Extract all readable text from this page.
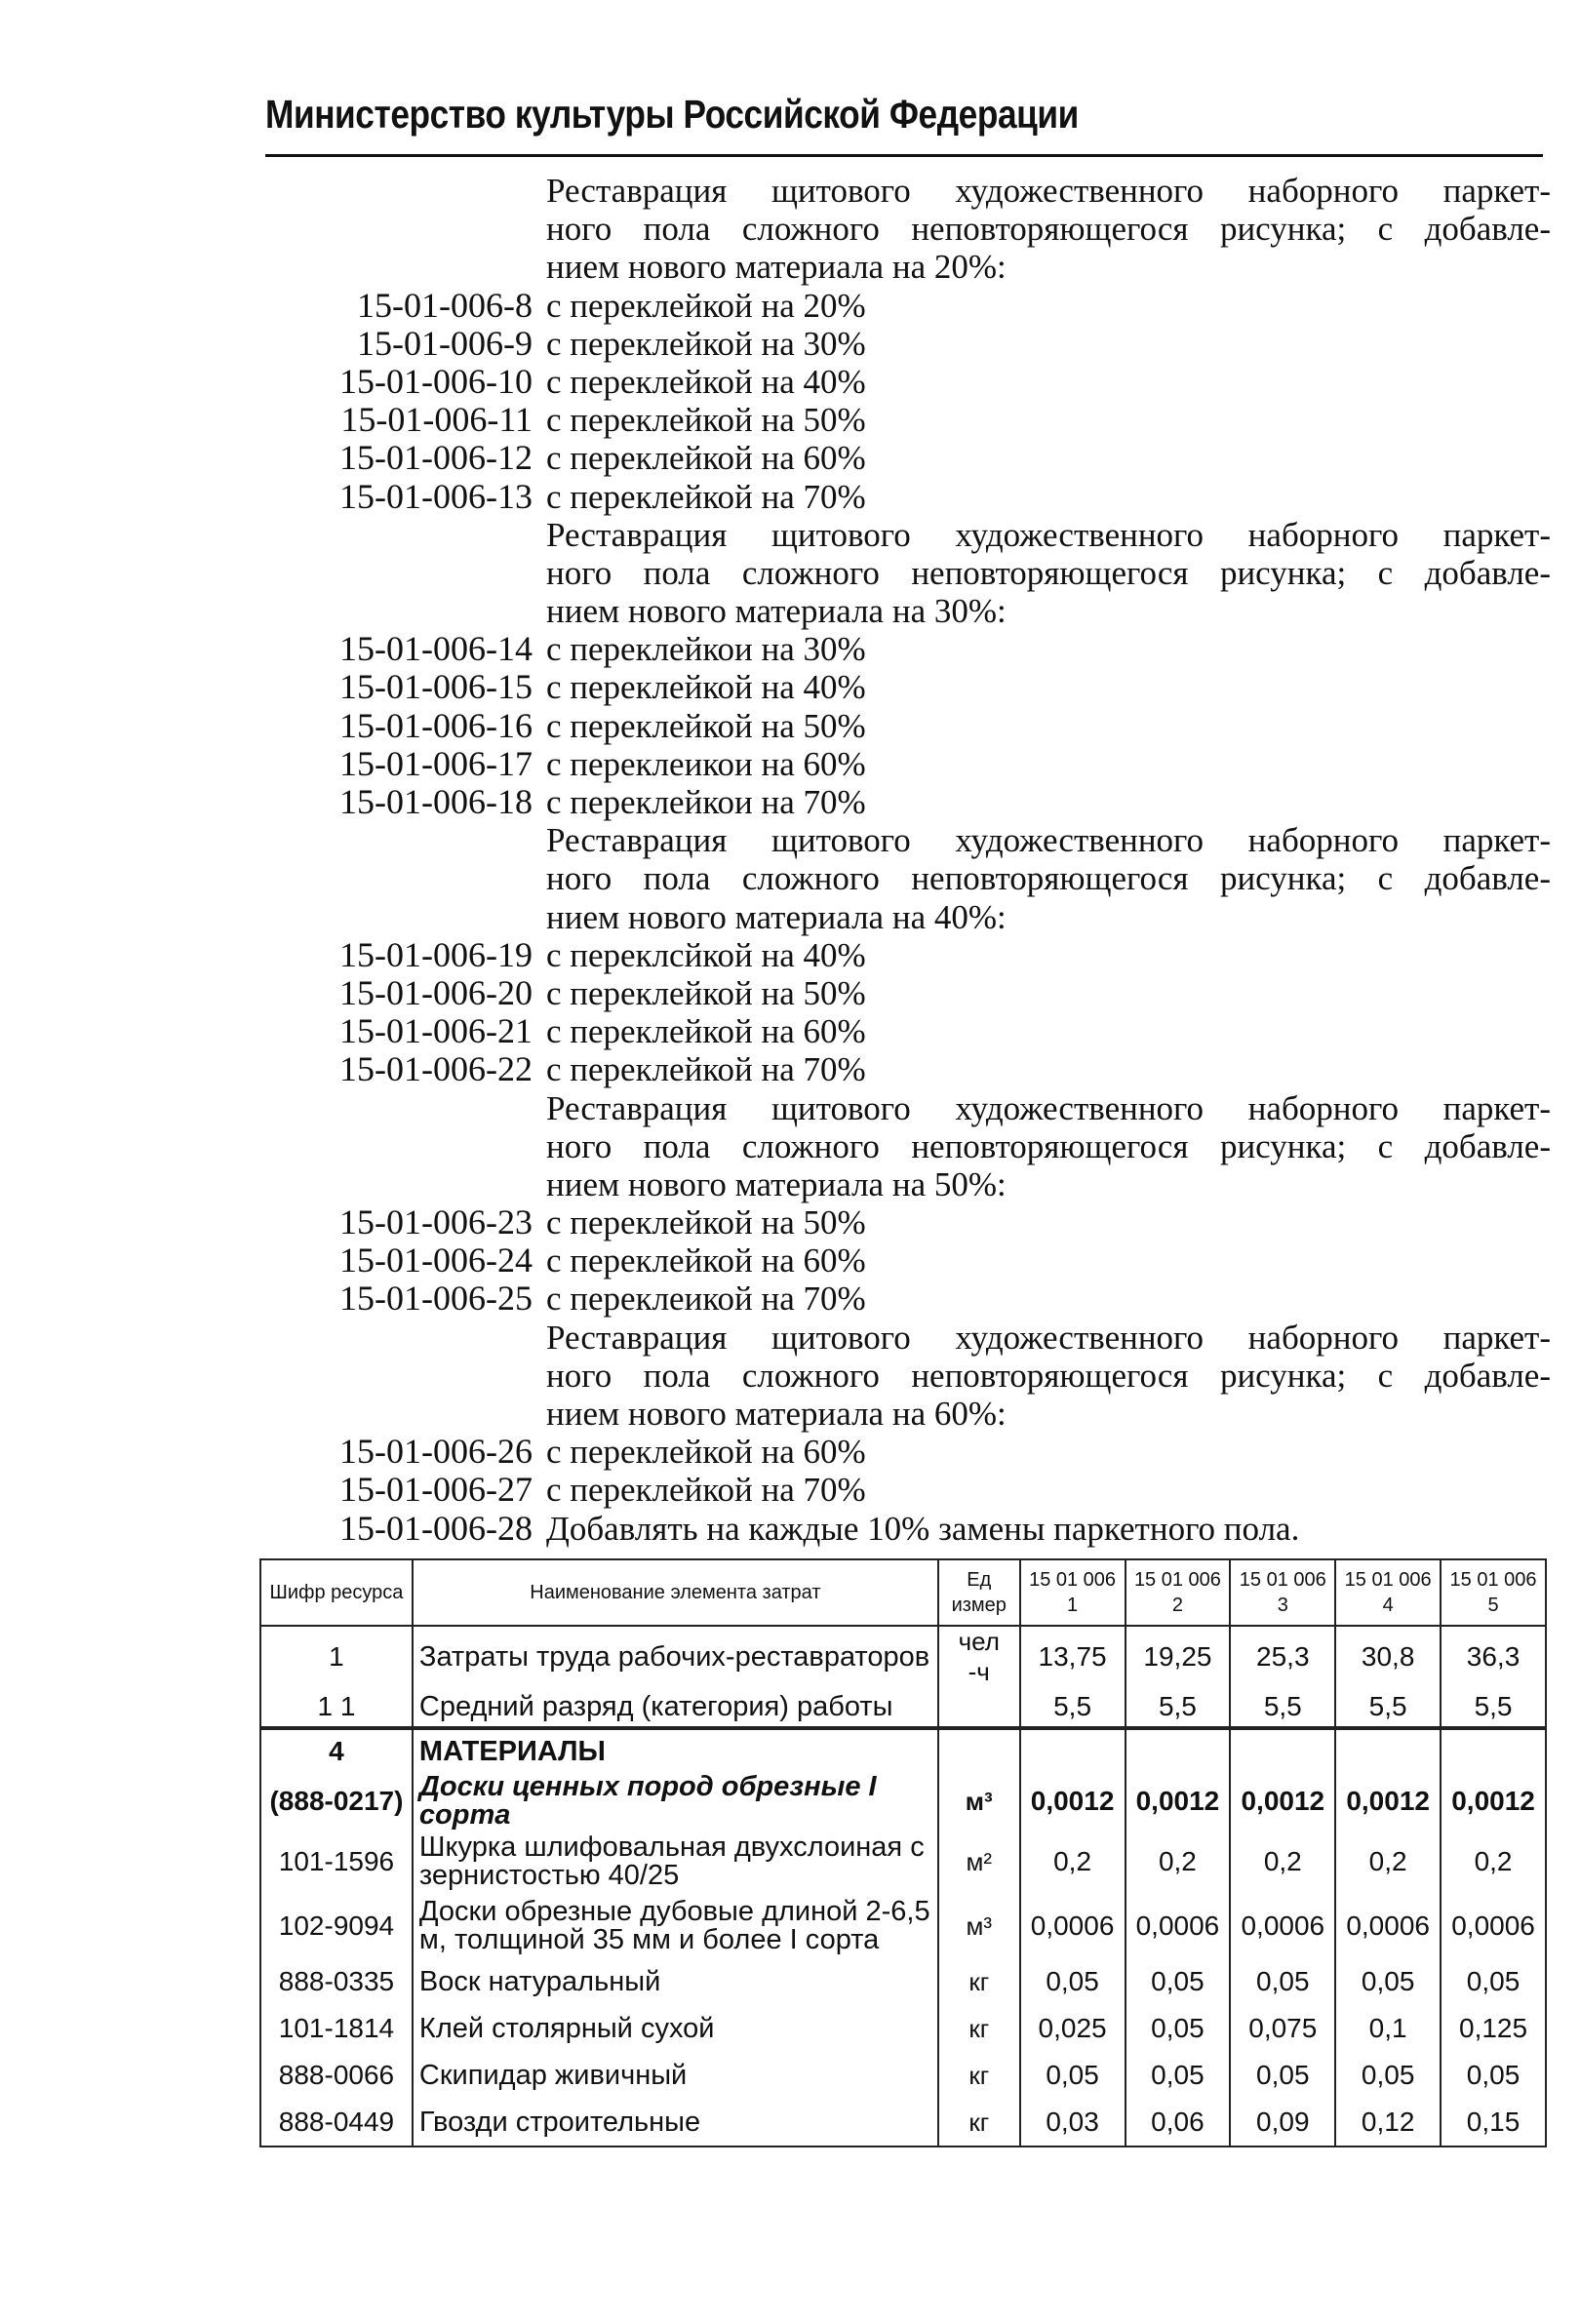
Министерство культуры Российской Федерации
Реставрация щитового художественного наборного паркет-
ного пола сложного неповторяющегося рисунка; с добавле-
нием нового материала на 20%:
15-01-006-8 с переклейкой на 20%
15-01-006-9 с переклейкой на 30%
15-01-006-10 с переклейкой на 40%
15-01-006-11 с переклейкой на 50%
15-01-006-12 с переклейкой на 60%
15-01-006-13 с переклейкой на 70%
Реставрация щитового художественного наборного паркет-
ного пола сложного неповторяющегося рисунка; с добавле-
нием нового материала на 30%:
15-01-006-14 с переклейкои на 30%
15-01-006-15 с переклейкой на 40%
15-01-006-16 с переклейкой на 50%
15-01-006-17 с переклеикои на 60%
15-01-006-18 с переклейкои на 70%
Реставрация щитового художественного наборного паркет-
ного пола сложного неповторяющегося рисунка; с добавле-
нием нового материала на 40%:
15-01-006-19 с переклсйкой на 40%
15-01-006-20 с переклейкой на 50%
15-01-006-21 с переклейкой на 60%
15-01-006-22 с переклейкой на 70%
Реставрация щитового художественного наборного паркет-
ного пола сложного неповторяющегося рисунка; с добавле-
нием нового материала на 50%:
15-01-006-23 с переклейкой на 50%
15-01-006-24 с переклейкой на 60%
15-01-006-25 с переклеикой на 70%
Реставрация щитового художественного наборного паркет-
ного пола сложного неповторяющегося рисунка; с добавле-
нием нового материала на 60%:
15-01-006-26 с переклейкой на 60%
15-01-006-27 с переклейкой на 70%
15-01-006-28 Добавлять на каждые 10% замены паркетного пола.
Шифр ресурса	Наименование элемента затрат	Ед измер	15 01 006 1	15 01 006 2	15 01 006 3	15 01 006 4	15 01 006 5
1	Затраты труда рабочих-реставраторов	чел -ч	13,75	19,25	25,3	30,8	36,3
1 1	Средний разряд (категория) работы		5,5	5,5	5,5	5,5	5,5
4	МАТЕРИАЛЫ						
(888-0217)	Доски ценных пород обрезные I сорта	м³	0,0012	0,0012	0,0012	0,0012	0,0012
101-1596	Шкурка шлифовальная двухслоиная с зернистостью 40/25	м²	0,2	0,2	0,2	0,2	0,2
102-9094	Доски обрезные дубовые длиной 2-6,5 м, толщиной 35 мм и более I сорта	м³	0,0006	0,0006	0,0006	0,0006	0,0006
888-0335	Воск натуральный	кг	0,05	0,05	0,05	0,05	0,05
101-1814	Клей столярный сухой	кг	0,025	0,05	0,075	0,1	0,125
888-0066	Скипидар живичный	кг	0,05	0,05	0,05	0,05	0,05
888-0449	Гвозди строительные	кг	0,03	0,06	0,09	0,12	0,15
